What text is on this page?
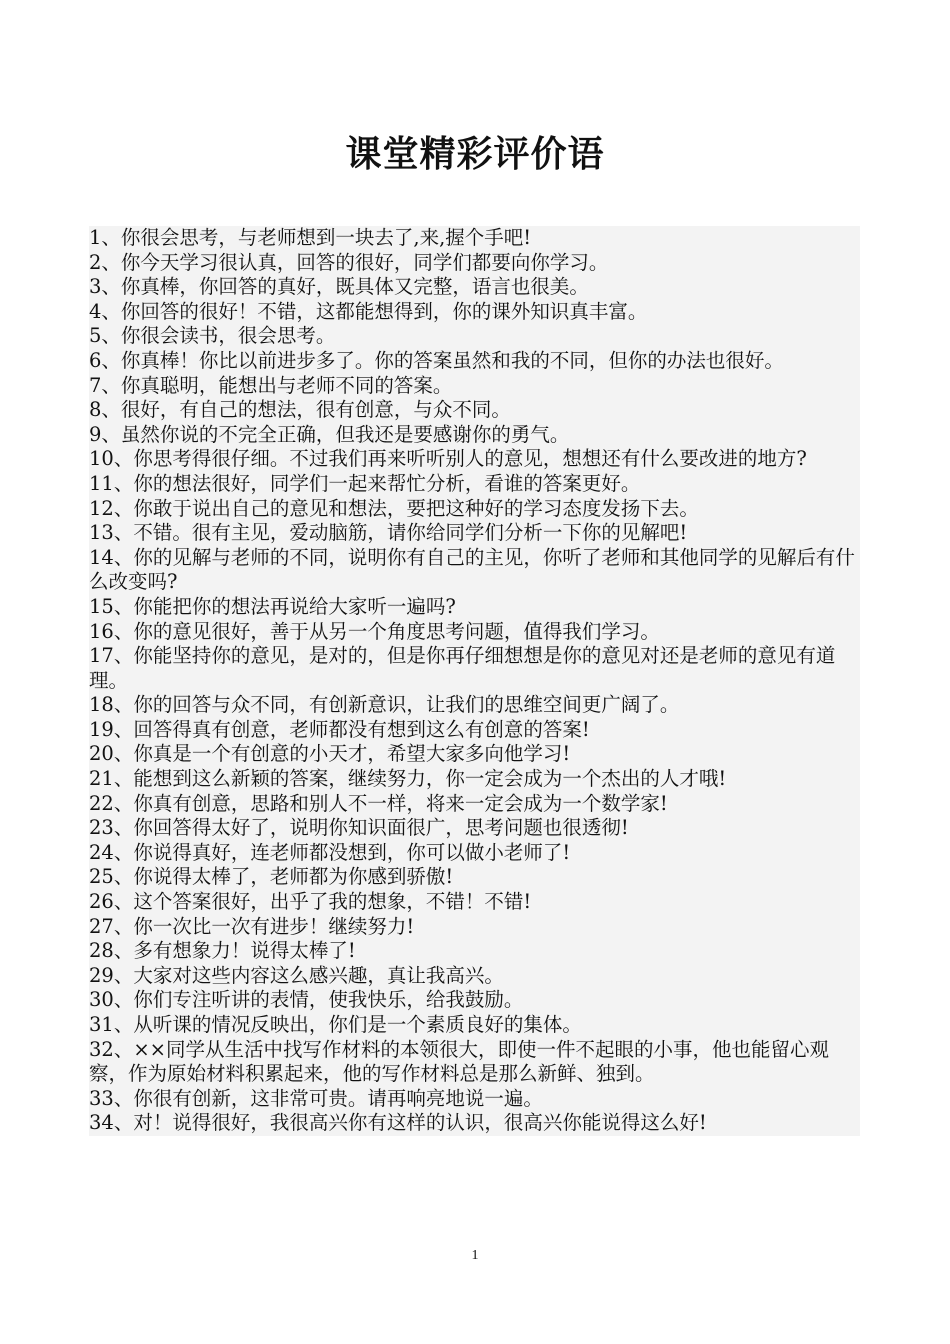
课堂精彩评价语

1、你很会思考，与老师想到一块去了,来,握个手吧!

2、你今天学习很认真，回答的很好，同学们都要向你学习。

3、你真棒，你回答的真好，既具体又完整，语言也很美。

4、你回答的很好！不错，这都能想得到，你的课外知识真丰富。

5、你很会读书，很会思考。

6、你真棒！你比以前进步多了。你的答案虽然和我的不同，但你的办法也很好。

7、你真聪明，能想出与老师不同的答案。

8、很好，有自己的想法，很有创意，与众不同。

9、虽然你说的不完全正确，但我还是要感谢你的勇气。

10、你思考得很仔细。不过我们再来听听别人的意见，想想还有什么要改进的地方?

11、你的想法很好，同学们一起来帮忙分析，看谁的答案更好。

12、你敢于说出自己的意见和想法，要把这种好的学习态度发扬下去。

13、不错。很有主见，爱动脑筋，请你给同学们分析一下你的见解吧!

14、你的见解与老师的不同，说明你有自己的主见，你听了老师和其他同学的见解后有什么改变吗?

15、你能把你的想法再说给大家听一遍吗?

16、你的意见很好，善于从另一个角度思考问题，值得我们学习。

17、你能坚持你的意见，是对的，但是你再仔细想想是你的意见对还是老师的意见有道理。

18、你的回答与众不同，有创新意识，让我们的思维空间更广阔了。

19、回答得真有创意，老师都没有想到这么有创意的答案!

20、你真是一个有创意的小天才，希望大家多向他学习!

21、能想到这么新颖的答案，继续努力，你一定会成为一个杰出的人才哦!

22、你真有创意，思路和别人不一样，将来一定会成为一个数学家!

23、你回答得太好了，说明你知识面很广，思考问题也很透彻!

24、你说得真好，连老师都没想到，你可以做小老师了!

25、你说得太棒了，老师都为你感到骄傲!

26、这个答案很好，出乎了我的想象，不错！不错!

27、你一次比一次有进步！继续努力!

28、多有想象力！说得太棒了!

29、大家对这些内容这么感兴趣，真让我高兴。

30、你们专注听讲的表情，使我快乐，给我鼓励。

31、从听课的情况反映出，你们是一个素质良好的集体。

32、××同学从生活中找写作材料的本领很大，即使一件不起眼的小事，他也能留心观察，作为原始材料积累起来，他的写作材料总是那么新鲜、独到。

33、你很有创新，这非常可贵。请再响亮地说一遍。

34、对！说得很好，我很高兴你有这样的认识，很高兴你能说得这么好!

1
